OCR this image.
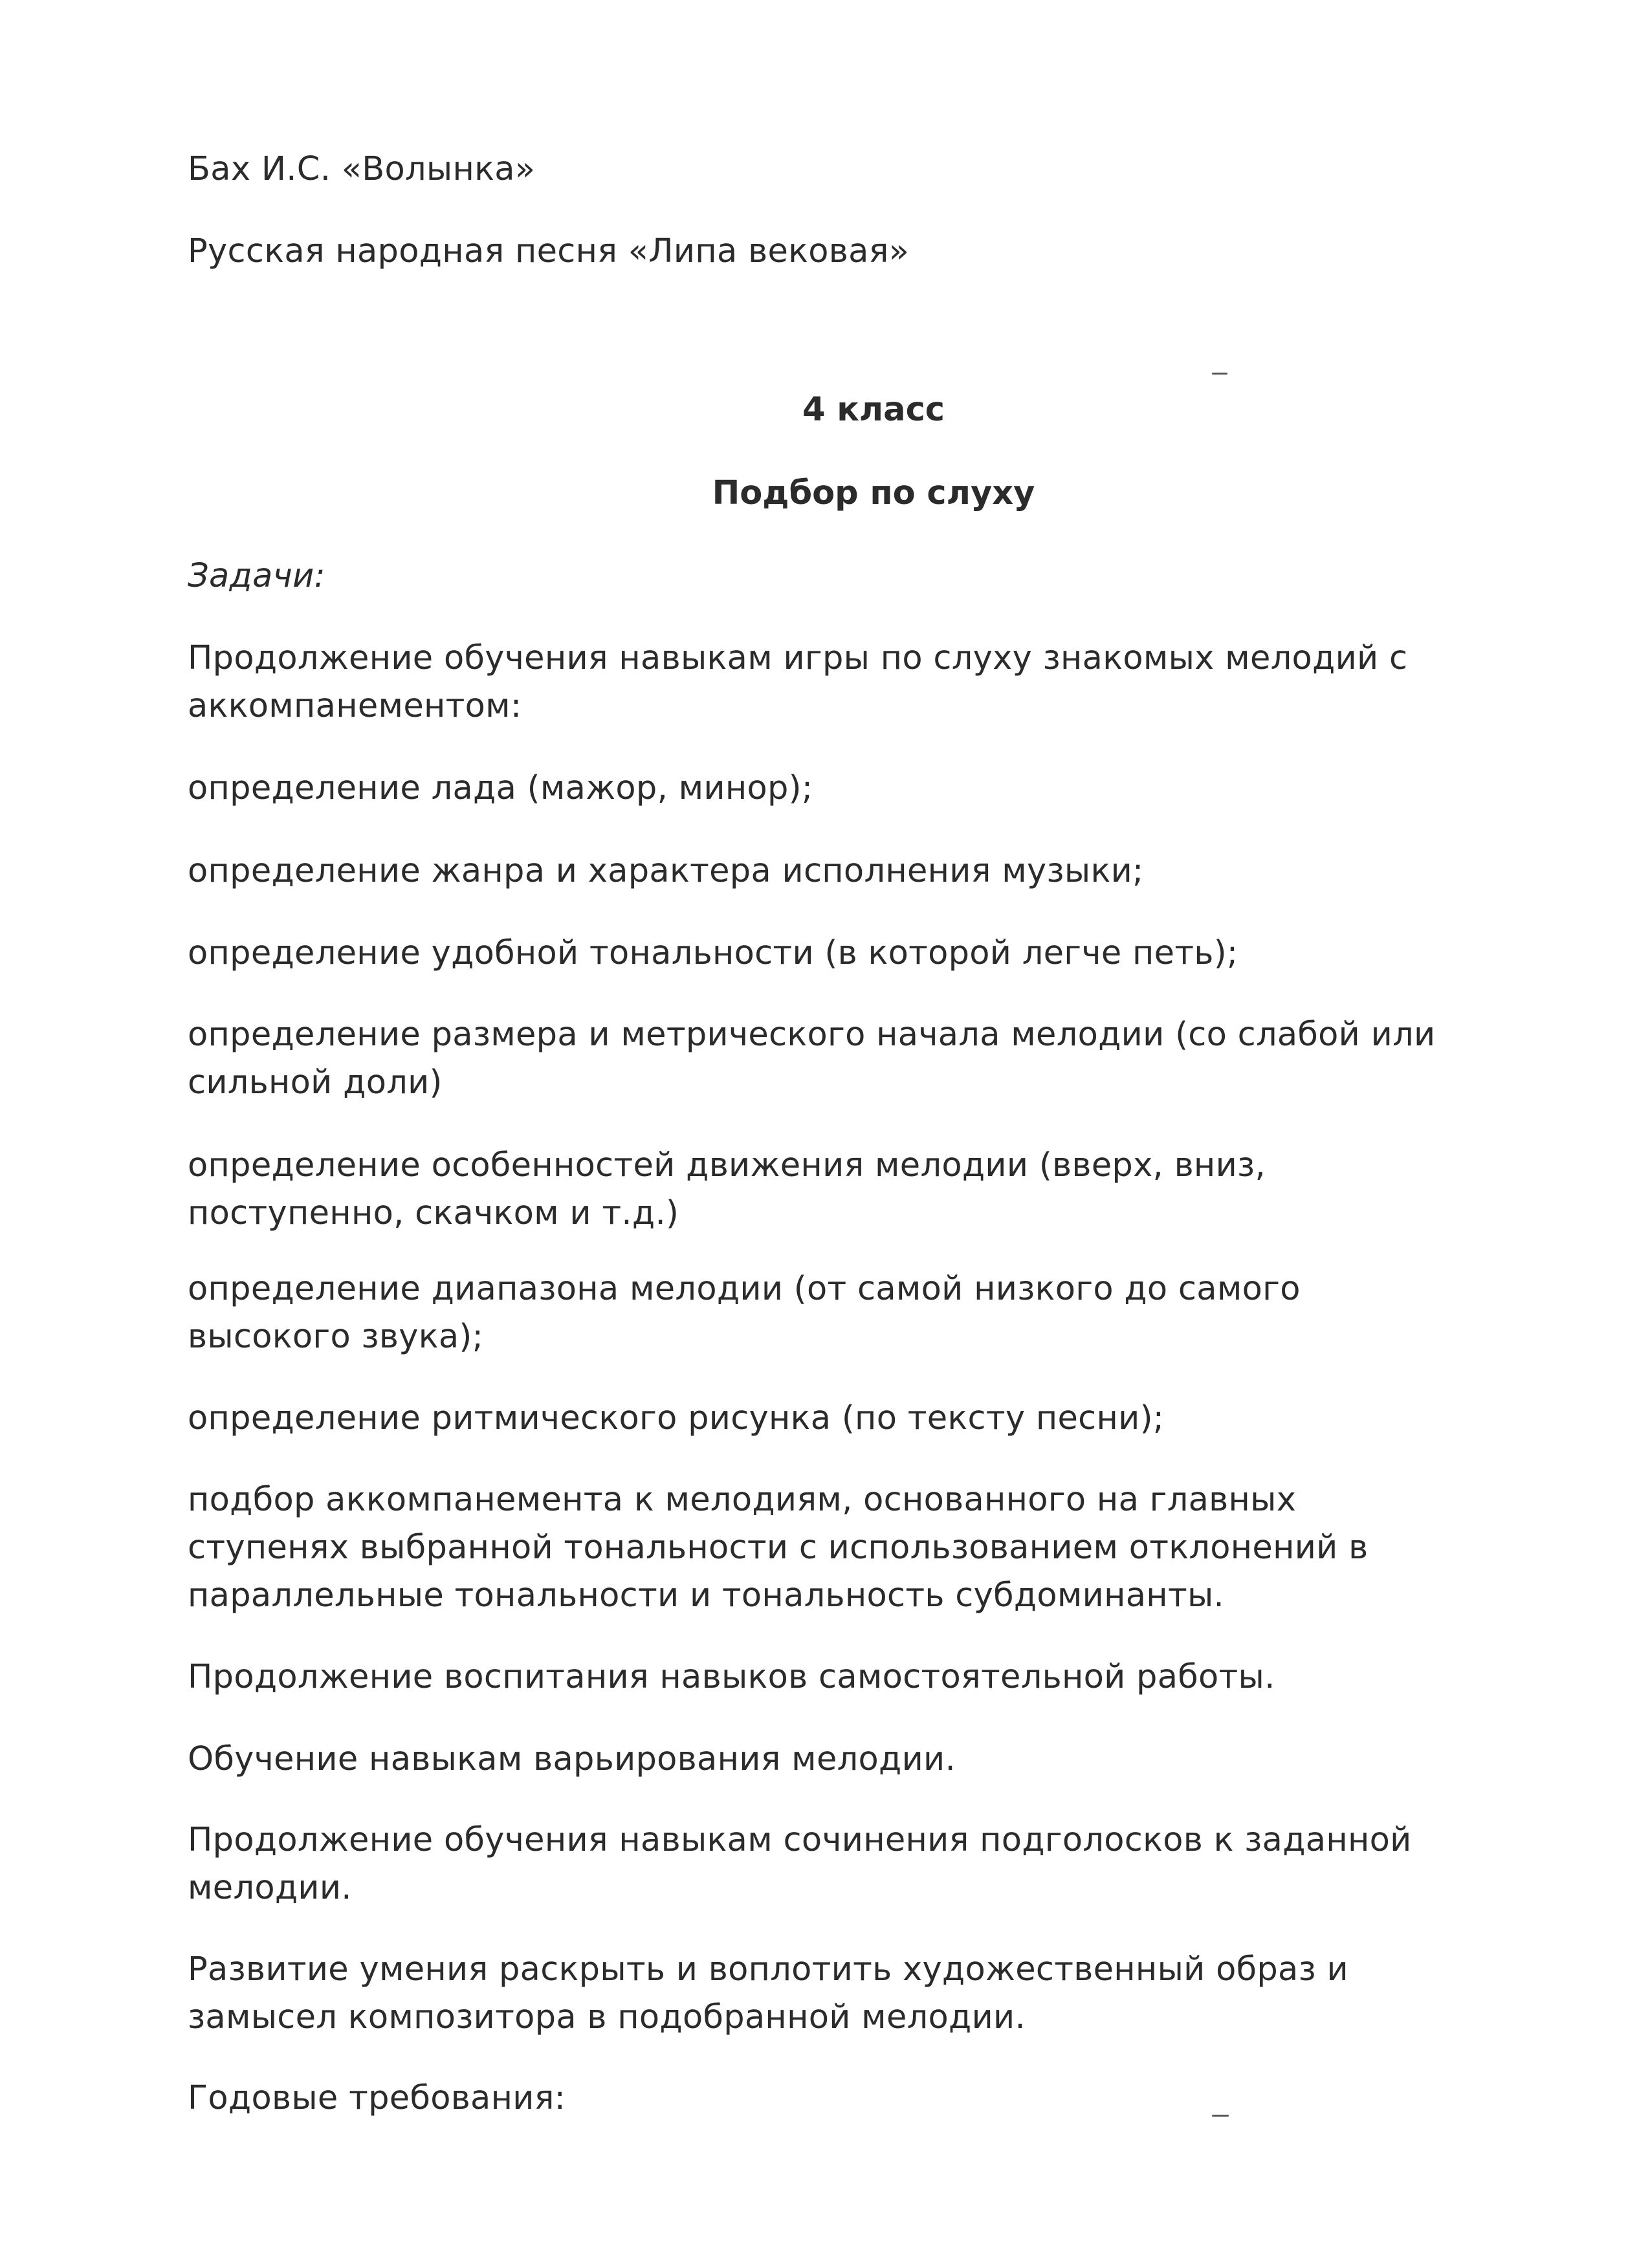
Бах И.С. «Волынка»
Русская народная песня «Липа вековая»
4 класс
Подбор по слуху
Задачи:
Продолжение обучения навыкам игры по слуху знакомых мелодий с
аккомпанементом:
определение лада (мажор, минор);
определение жанра и характера исполнения музыки;
определение удобной тональности (в которой легче петь);
определение размера и метрического начала мелодии (со слабой или
сильной доли)
определение особенностей движения мелодии (вверх, вниз,
поступенно, скачком и т.д.)
определение диапазона мелодии (от самой низкого до самого
высокого звука);
определение ритмического рисунка (по тексту песни);
подбор аккомпанемента к мелодиям, основанного на главных
ступенях выбранной тональности с использованием отклонений в
параллельные тональности и тональность субдоминанты.
Продолжение воспитания навыков самостоятельной работы.
Обучение навыкам варьирования мелодии.
Продолжение обучения навыкам сочинения подголосков к заданной
мелодии.
Развитие умения раскрыть и воплотить художественный образ и
замысел композитора в подобранной мелодии.
Годовые требования:
